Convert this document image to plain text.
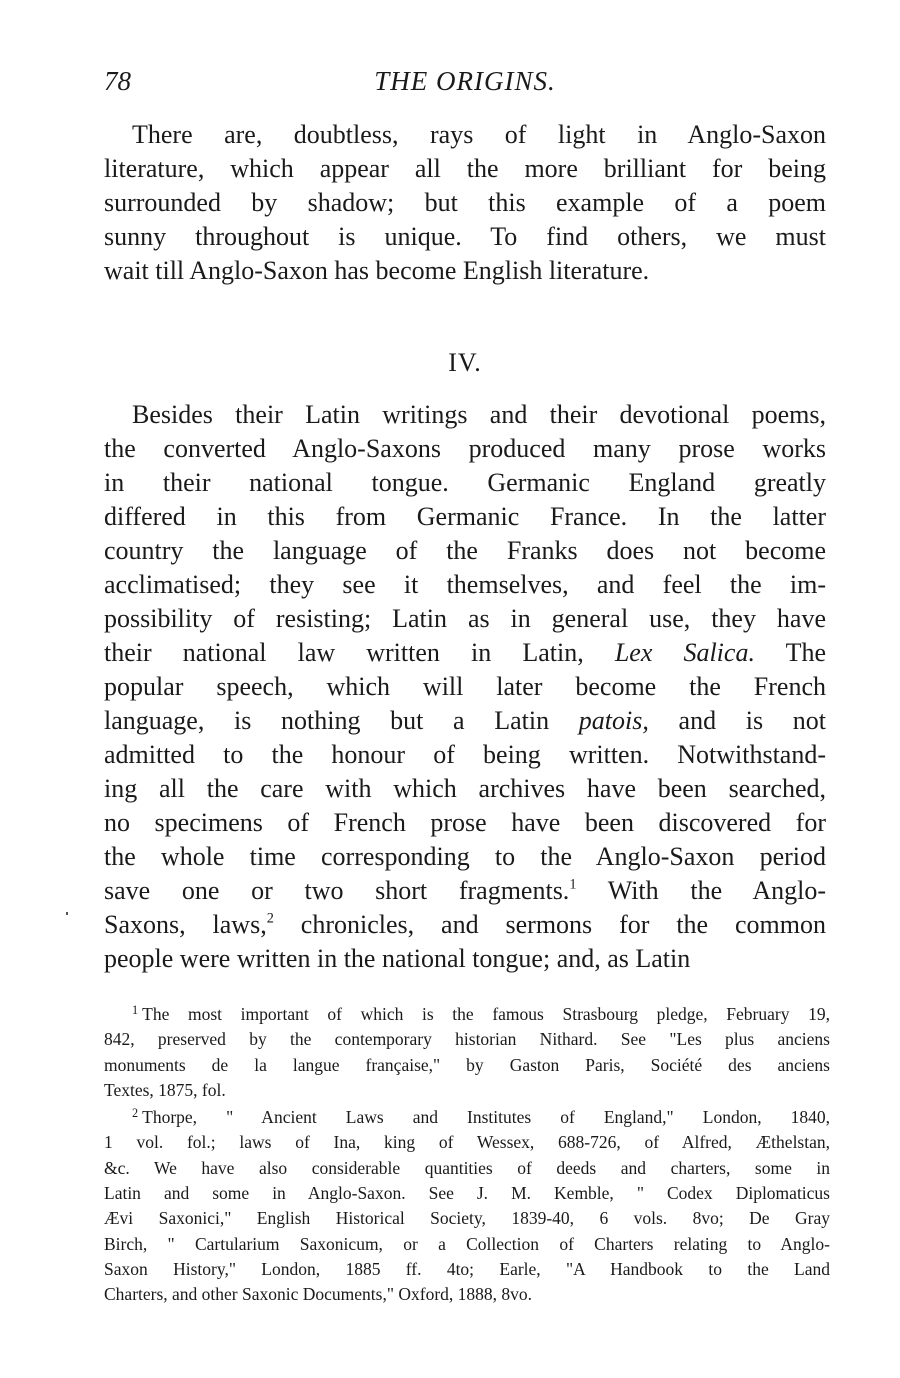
78	THE ORIGINS.
There are, doubtless, rays of light in Anglo-Saxon
literature, which appear all the more brilliant for being
surrounded by shadow; but this example of a poem
sunny throughout is unique. To find others, we must
wait till Anglo-Saxon has become English literature.
IV.
Besides their Latin writings and their devotional poems,
the converted Anglo-Saxons produced many prose works
in their national tongue. Germanic England greatly
differed in this from Germanic France. In the latter
country the language of the Franks does not become
acclimatised; they see it themselves, and feel the im-
possibility of resisting; Latin as in general use, they have
their national law written in Latin, Lex Salica. The
popular speech, which will later become the French
language, is nothing but a Latin patois, and is not
admitted to the honour of being written. Notwithstand-
ing all the care with which archives have been searched,
no specimens of French prose have been discovered for
the whole time corresponding to the Anglo-Saxon period
save one or two short fragments.$^1$ With the Anglo-
Saxons, laws,$^2$ chronicles, and sermons for the common
people were written in the national tongue; and, as Latin
$^1$ The most important of which is the famous Strasbourg pledge, February 19,
842, preserved by the contemporary historian Nithard. See "Les plus anciens
monuments de la langue française," by Gaston Paris, Société des anciens
Textes, 1875, fol.
$^2$ Thorpe, " Ancient Laws and Institutes of England," London, 1840,
1 vol. fol.; laws of Ina, king of Wessex, 688-726, of Alfred, Æthelstan,
&c. We have also considerable quantities of deeds and charters, some in
Latin and some in Anglo-Saxon. See J. M. Kemble, " Codex Diplomaticus
Ævi Saxonici," English Historical Society, 1839-40, 6 vols. 8vo; De Gray
Birch, " Cartularium Saxonicum, or a Collection of Charters relating to Anglo-
Saxon History," London, 1885 ff. 4to; Earle, "A Handbook to the Land
Charters, and other Saxonic Documents," Oxford, 1888, 8vo.
